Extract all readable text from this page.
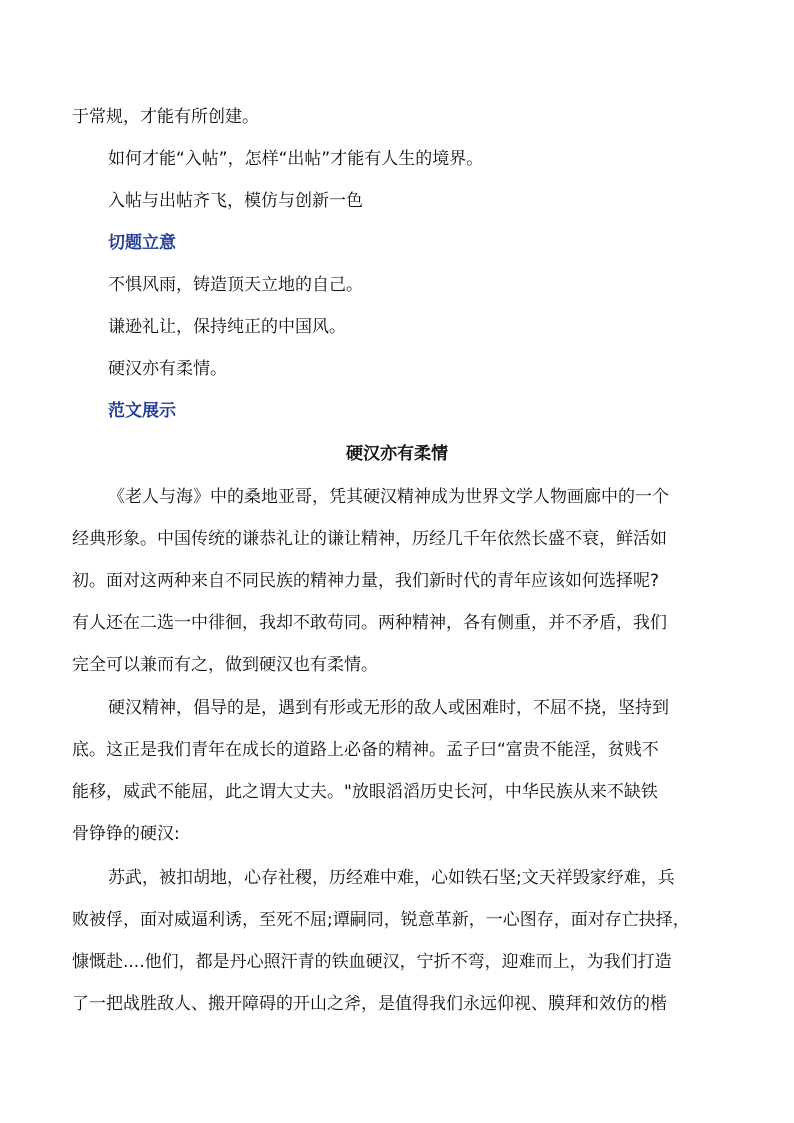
于常规，才能有所创建。
如何才能“入帖”，怎样“出帖”才能有人生的境界。
入帖与出帖齐飞，模仿与创新一色
切题立意
不惧风雨，铸造顶天立地的自己。
谦逊礼让，保持纯正的中国风。
硬汉亦有柔情。
范文展示
硬汉亦有柔情
《老人与海》中的桑地亚哥，凭其硬汉精神成为世界文学人物画廊中的一个
经典形象。中国传统的谦恭礼让的谦让精神，历经几千年依然长盛不衰，鲜活如
初。面对这两种来自不同民族的精神力量，我们新时代的青年应该如何选择呢?
有人还在二选一中徘徊，我却不敢苟同。两种精神，各有侧重，并不矛盾，我们
完全可以兼而有之，做到硬汉也有柔情。
硬汉精神，倡导的是，遇到有形或无形的敌人或困难时，不屈不挠，坚持到
底。这正是我们青年在成长的道路上必备的精神。孟子曰“富贵不能淫，贫贱不
能移，威武不能屈，此之谓大丈夫。"放眼滔滔历史长河，中华民族从来不缺铁
骨铮铮的硬汉:
苏武，被扣胡地，心存社稷，历经难中难，心如铁石坚;文天祥毁家纾难，兵
败被俘，面对威逼利诱，至死不屈;谭嗣同，锐意革新，一心图存，面对存亡抉择，
慷慨赴....他们，都是丹心照汗青的铁血硬汉，宁折不弯，迎难而上，为我们打造
了一把战胜敌人、搬开障碍的开山之斧，是值得我们永远仰视、膜拜和效仿的楷
